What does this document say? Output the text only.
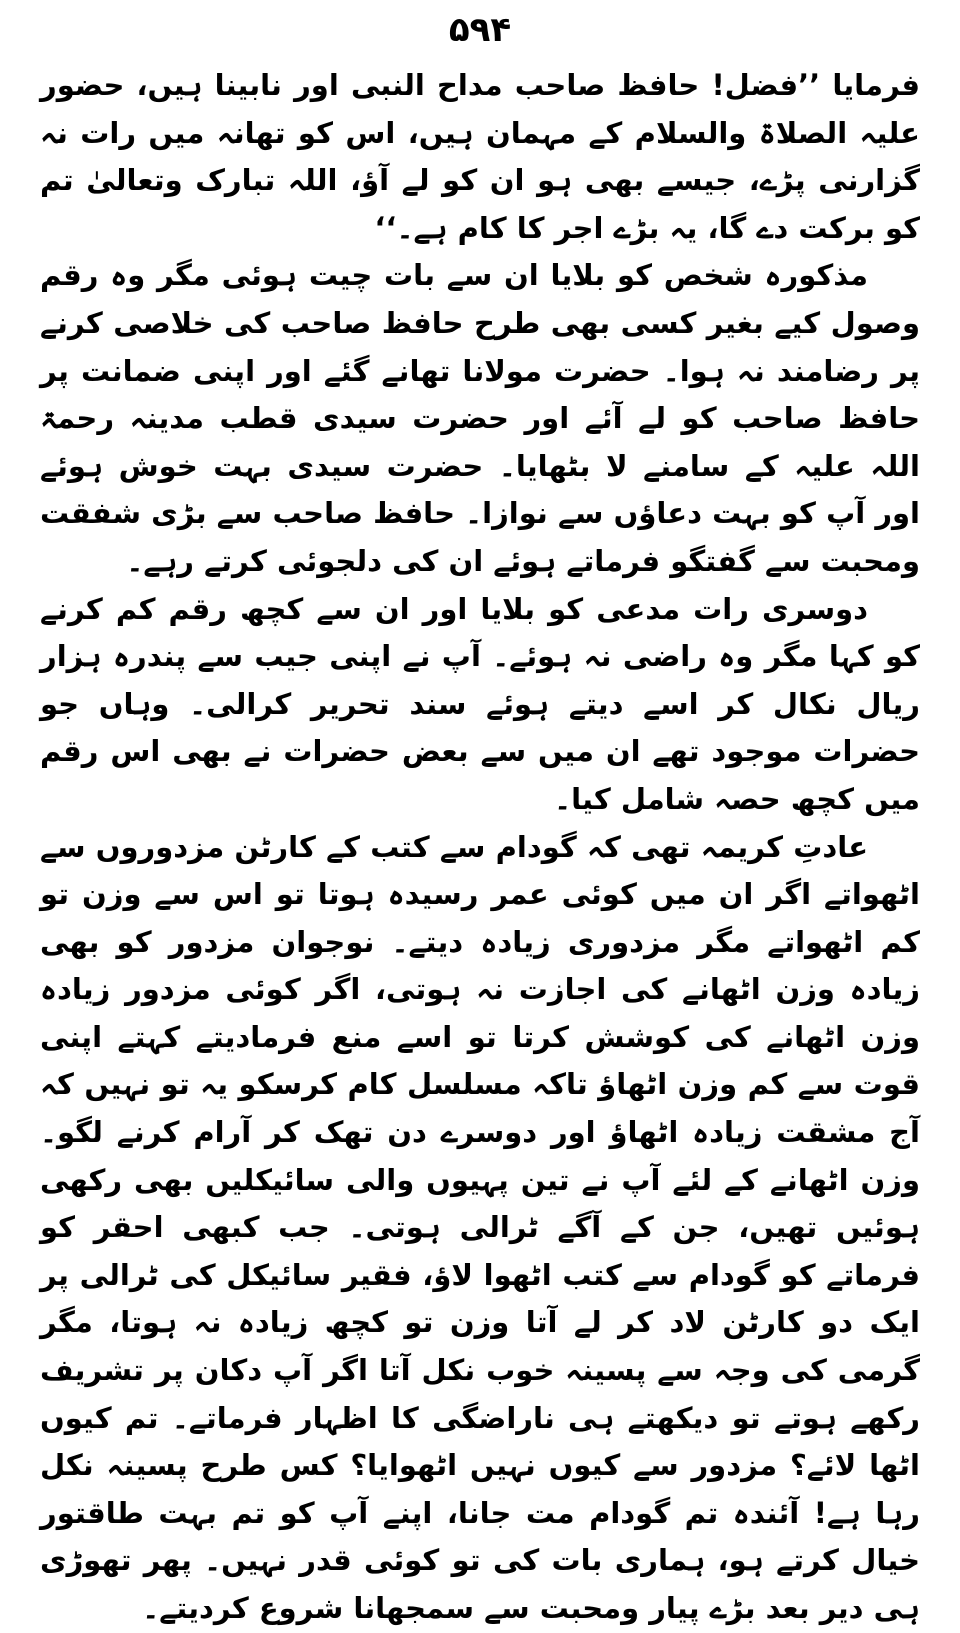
۵۹۴

فرمایا ’’فضل! حافظ صاحب مداح النبی اور نابینا ہیں، حضور علیہ الصلاۃ والسلام کے مہمان ہیں، اس کو تھانہ میں رات نہ گزارنی پڑے، جیسے بھی ہو ان کو لے آؤ، اللہ تبارک وتعالیٰ تم کو برکت دے گا، یہ بڑے اجر کا کام ہے۔‘‘

مذکورہ شخص کو بلایا ان سے بات چیت ہوئی مگر وہ رقم وصول کیے بغیر کسی بھی طرح حافظ صاحب کی خلاصی کرنے پر رضامند نہ ہوا۔ حضرت مولانا تھانے گئے اور اپنی ضمانت پر حافظ صاحب کو لے آئے اور حضرت سیدی قطب مدینہ رحمۃ اللہ علیہ کے سامنے لا بٹھایا۔ حضرت سیدی بہت خوش ہوئے اور آپ کو بہت دعاؤں سے نوازا۔ حافظ صاحب سے بڑی شفقت ومحبت سے گفتگو فرماتے ہوئے ان کی دلجوئی کرتے رہے۔

دوسری رات مدعی کو بلایا اور ان سے کچھ رقم کم کرنے کو کہا مگر وہ راضی نہ ہوئے۔ آپ نے اپنی جیب سے پندرہ ہزار ریال نکال کر اسے دیتے ہوئے سند تحریر کرالی۔ وہاں جو حضرات موجود تھے ان میں سے بعض حضرات نے بھی اس رقم میں کچھ حصہ شامل کیا۔

عادتِ کریمہ تھی کہ گودام سے کتب کے کارٹن مزدوروں سے اٹھواتے اگر ان میں کوئی عمر رسیدہ ہوتا تو اس سے وزن تو کم اٹھواتے مگر مزدوری زیادہ دیتے۔ نوجوان مزدور کو بھی زیادہ وزن اٹھانے کی اجازت نہ ہوتی، اگر کوئی مزدور زیادہ وزن اٹھانے کی کوشش کرتا تو اسے منع فرمادیتے کہتے اپنی قوت سے کم وزن اٹھاؤ تاکہ مسلسل کام کرسکو یہ تو نہیں کہ آج مشقت زیادہ اٹھاؤ اور دوسرے دن تھک کر آرام کرنے لگو۔ وزن اٹھانے کے لئے آپ نے تین پہیوں والی سائیکلیں بھی رکھی ہوئیں تھیں، جن کے آگے ٹرالی ہوتی۔ جب کبھی احقر کو فرماتے کو گودام سے کتب اٹھوا لاؤ، فقیر سائیکل کی ٹرالی پر ایک دو کارٹن لاد کر لے آتا وزن تو کچھ زیادہ نہ ہوتا، مگر گرمی کی وجہ سے پسینہ خوب نکل آتا اگر آپ دکان پر تشریف رکھے ہوتے تو دیکھتے ہی ناراضگی کا اظہار فرماتے۔ تم کیوں اٹھا لائے؟ مزدور سے کیوں نہیں اٹھوایا؟ کس طرح پسینہ نکل رہا ہے! آئندہ تم گودام مت جانا، اپنے آپ کو تم بہت طاقتور خیال کرتے ہو، ہماری بات کی تو کوئی قدر نہیں۔ پھر تھوڑی ہی دیر بعد بڑے پیار ومحبت سے سمجھانا شروع کردیتے۔
